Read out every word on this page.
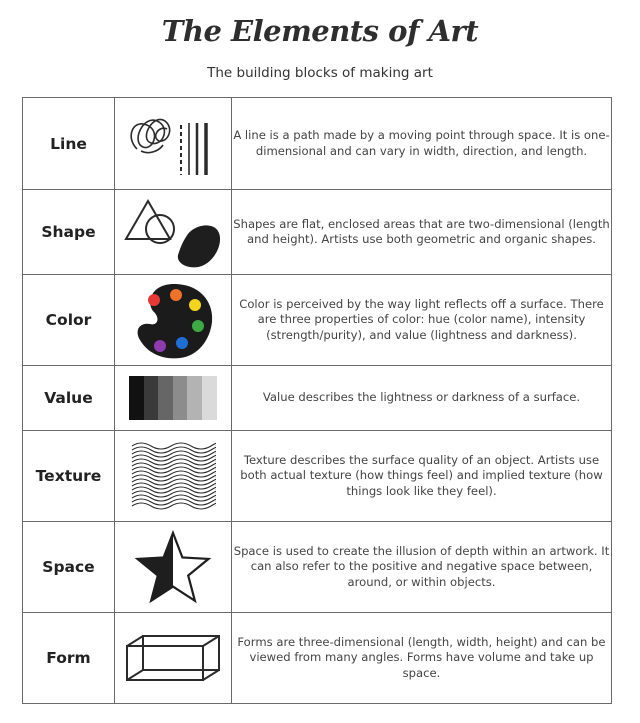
The Elements of Art
The building blocks of making art
Line		A line is a path made by a moving point through space. It is one-dimensional and can vary in width, direction, and length.
Shape		Shapes are flat, enclosed areas that are two-dimensional (length and height). Artists use both geometric and organic shapes.
Color		Color is perceived by the way light reflects off a surface. There are three properties of color: hue (color name), intensity (strength/purity), and value (lightness and darkness).
Value		Value describes the lightness or darkness of a surface.
Texture		Texture describes the surface quality of an object. Artists use both actual texture (how things feel) and implied texture (how things look like they feel).
Space		Space is used to create the illusion of depth within an artwork. It can also refer to the positive and negative space between, around, or within objects.
Form		Forms are three-dimensional (length, width, height) and can be viewed from many angles. Forms have volume and take up space.
